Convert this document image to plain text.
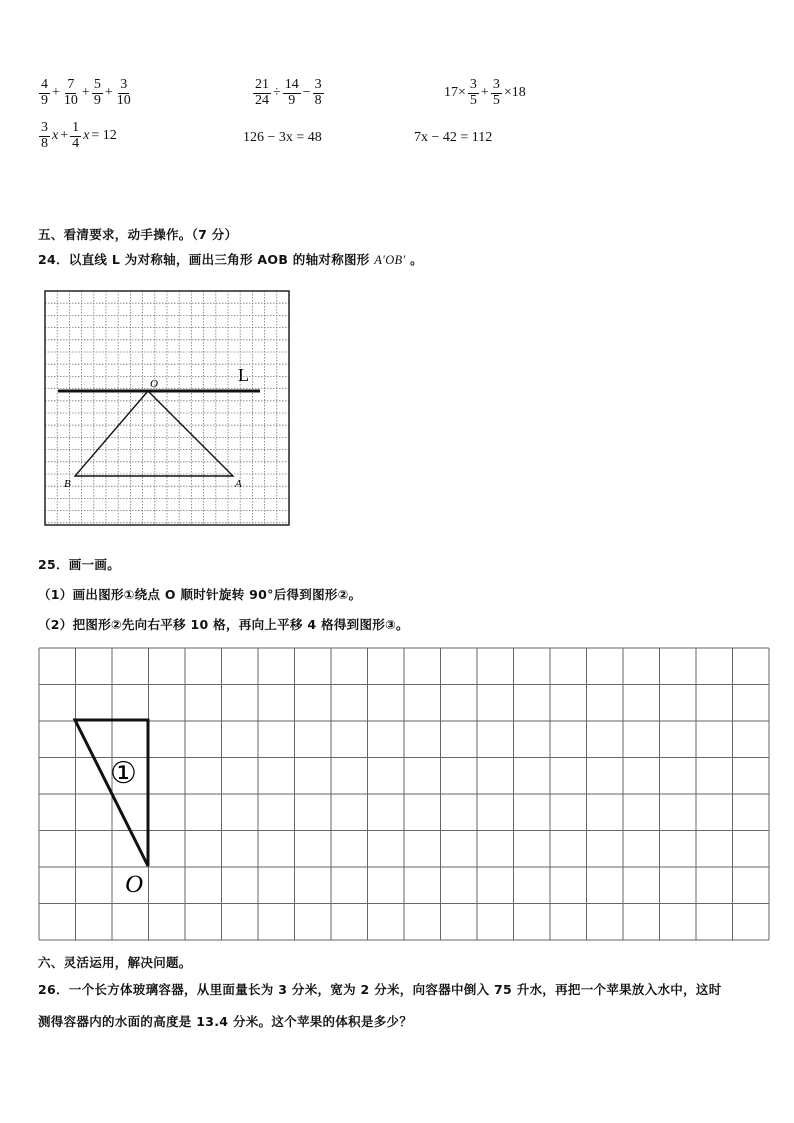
$\frac{4}{9} + \frac{7}{10} + \frac{5}{9} + \frac{3}{10}$	$\frac{21}{24} \div \frac{14}{9} - \frac{3}{8}$	$17\times \frac{3}{5} + \frac{3}{5} \times 18$
$\frac{3}{8}$ $x + \frac{1}{4}$ x = 12	126 − 3x = 48	7x − 42 = 112
五、看清要求，动手操作。（7 分）
24．以直线 L 为对称轴，画出三角形 AOB 的轴对称图形 A′OB′ 。
O	L
B	A
25．画一画。
（1）画出图形①绕点 O 顺时针旋转 90°后得到图形②。
（2）把图形②先向右平移 10 格，再向上平移 4 格得到图形③。
①
O
六、灵活运用，解决问题。
26．一个长方体玻璃容器，从里面量长为 3 分米，宽为 2 分米，向容器中倒入 75 升水，再把一个苹果放入水中，这时
测得容器内的水面的高度是 13.4 分米。这个苹果的体积是多少？
